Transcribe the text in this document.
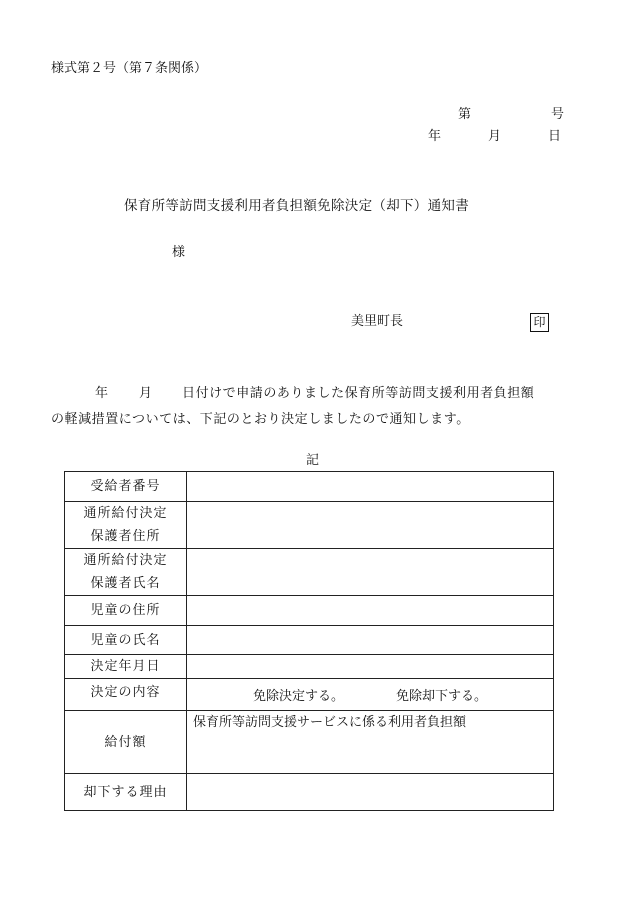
様式第２号（第７条関係）
第	号
年	月	日
保育所等訪問支援利用者負担額免除決定（却下）通知書
様
美里町長	印

年 月 日付けで申請のありました保育所等訪問支援利用者負担額

の軽減措置については、下記のとおり決定しましたので通知します。

記
受給者番号	

通所給付決定
保護者住所	

通所給付決定
保護者氏名	

児童の住所	
児童の氏名	
決定年月日	
決定の内容	免除決定する。 免除却下する。
給付額	保育所等訪問支援サービスに係る利用者負担額

却下する理由	
